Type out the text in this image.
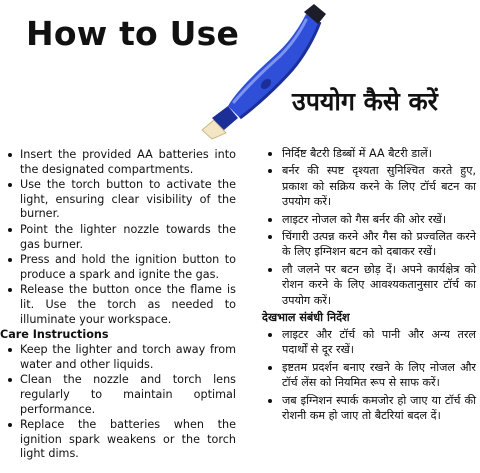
How to Use
उपयोग कैसे करें
Insert the provided AA batteries into the designated compartments.
Use the torch button to activate the light, ensuring clear visibility of the burner.
Point the lighter nozzle towards the gas burner.
Press and hold the ignition button to produce a spark and ignite the gas.
Release the button once the flame is lit. Use the torch as needed to illuminate your workspace.
Care Instructions
Keep the lighter and torch away from water and other liquids.
Clean the nozzle and torch lens regularly to maintain optimal performance.
Replace the batteries when the ignition spark weakens or the torch light dims.
निर्दिष्ट बैटरी डिब्बों में AA बैटरी डालें।
बर्नर की स्पष्ट दृश्यता सुनिश्चित करते हुए, प्रकाश को सक्रिय करने के लिए टॉर्च बटन का उपयोग करें।
लाइटर नोजल को गैस बर्नर की ओर रखें।
चिंगारी उत्पन्न करने और गैस को प्रज्वलित करने के लिए इग्निशन बटन को दबाकर रखें।
लौ जलने पर बटन छोड़ दें। अपने कार्यक्षेत्र को रोशन करने के लिए आवश्यकतानुसार टॉर्च का उपयोग करें।
देखभाल संबंधी निर्देश
लाइटर और टॉर्च को पानी और अन्य तरल पदार्थों से दूर रखें।
इष्टतम प्रदर्शन बनाए रखने के लिए नोजल और टॉर्च लेंस को नियमित रूप से साफ करें।
जब इग्निशन स्पार्क कमजोर हो जाए या टॉर्च की रोशनी कम हो जाए तो बैटरियां बदल दें।
